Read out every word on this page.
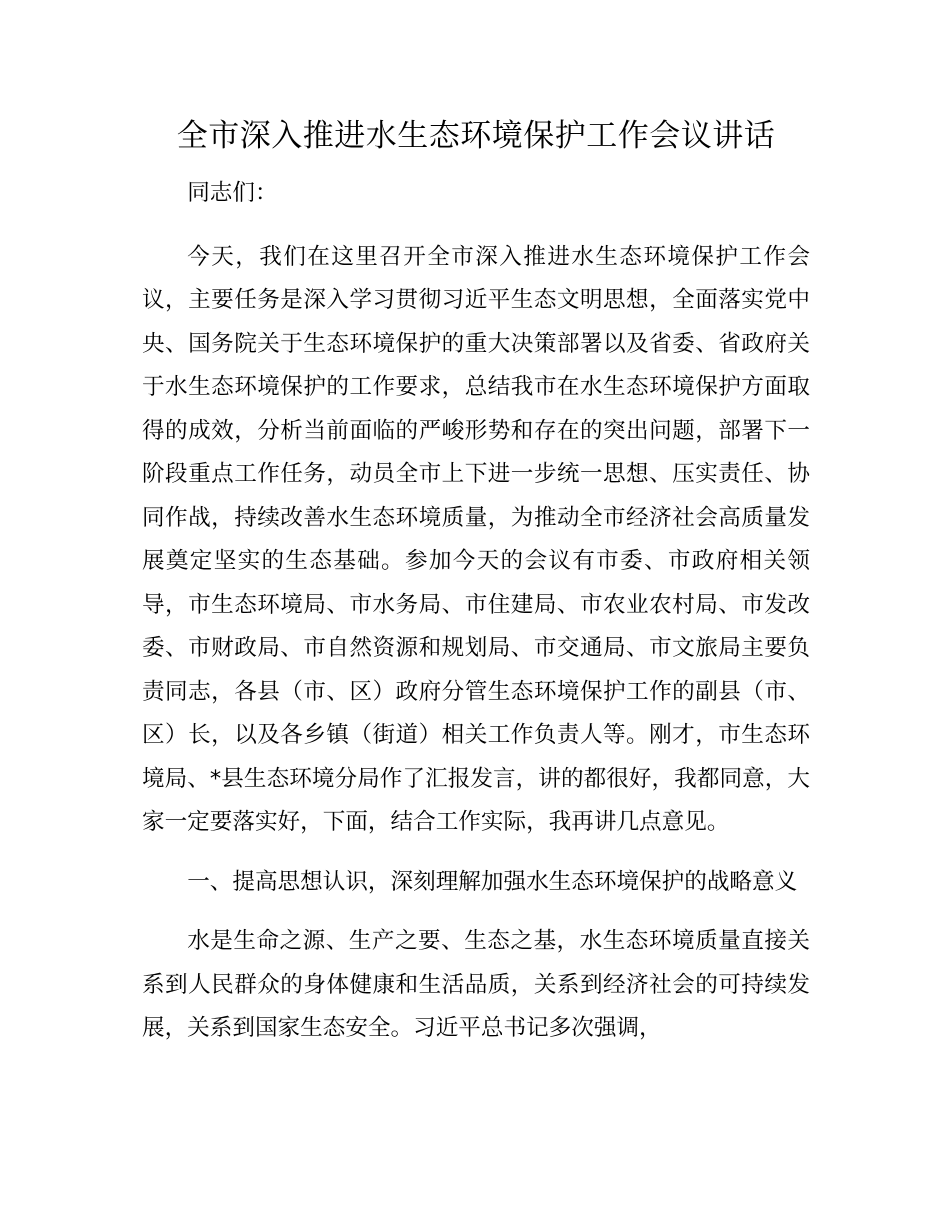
全市深入推进水生态环境保护工作会议讲话

同志们：

今天，我们在这里召开全市深入推进水生态环境保护工作会议，主要任务是深入学习贯彻习近平生态文明思想，全面落实党中央、国务院关于生态环境保护的重大决策部署以及省委、省政府关于水生态环境保护的工作要求，总结我市在水生态环境保护方面取得的成效，分析当前面临的严峻形势和存在的突出问题，部署下一阶段重点工作任务，动员全市上下进一步统一思想、压实责任、协同作战，持续改善水生态环境质量，为推动全市经济社会高质量发展奠定坚实的生态基础。参加今天的会议有市委、市政府相关领导，市生态环境局、市水务局、市住建局、市农业农村局、市发改委、市财政局、市自然资源和规划局、市交通局、市文旅局主要负责同志，各县（市、区）政府分管生态环境保护工作的副县（市、区）长，以及各乡镇（街道）相关工作负责人等。刚才，市生态环境局、*县生态环境分局作了汇报发言，讲的都很好，我都同意，大家一定要落实好，下面，结合工作实际，我再讲几点意见。

一、提高思想认识，深刻理解加强水生态环境保护的战略意义

水是生命之源、生产之要、生态之基，水生态环境质量直接关系到人民群众的身体健康和生活品质，关系到经济社会的可持续发展，关系到国家生态安全。习近平总书记多次强调，
